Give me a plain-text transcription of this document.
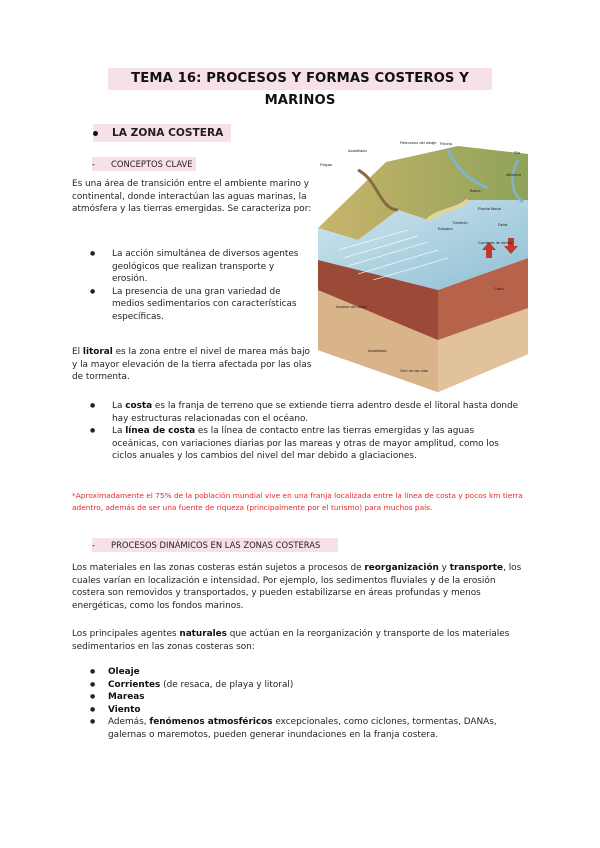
TEMA 16: PROCESOS Y FORMAS COSTEROS Y MARINOS
LA ZONA COSTERA
- CONCEPTOS CLAVE

Es una área de transición entre el ambiente marino y continental, donde interactúan las aguas marinas, la atmósfera y las tierras emergidas. Se caracteriza por:

● La acción simultánea de diversos agentes geológicos que realizan transporte y erosión.
● La presencia de una gran variedad de medios sedimentarios con características específicas.

El litoral es la zona entre el nivel de marea más bajo y la mayor elevación de la tierra afectada por las olas de tormenta.

● La costa es la franja de terreno que se extiende tierra adentro desde el litoral hasta donde hay estructuras relacionadas con el océano.
● La línea de costa es la línea de contacto entre las tierras emergidas y las aguas oceánicas, con variaciones diarias por las mareas y otras de mayor amplitud, como los ciclos anuales y los cambios del nivel del mar debido a glaciaciones.

*Aproximadamente el 75% de la población mundial vive en una franja localizada entre la línea de costa y pocos km tierra adentro, además de ser una fuente de riqueza (principalmente por el turismo) para muchos país.

Playas
Acantilado
Retroceso del oleaje Flecha
Río
Albufera
Bahía
Estuario
Tómbolo
Flecha litoral
Delta
Corriente de deriva
Avance del oleaje
Acantilado
Giro de las olas
Cabo
- PROCESOS DINÁMICOS EN LAS ZONAS COSTERAS

Los materiales en las zonas costeras están sujetos a procesos de reorganización y transporte, los cuales varían en localización e intensidad. Por ejemplo, los sedimentos fluviales y de la erosión costera son removidos y transportados, y pueden estabilizarse en áreas profundas y menos energéticas, como los fondos marinos.

Los principales agentes naturales que actúan en la reorganización y transporte de los materiales sedimentarios en las zonas costeras son:

● Oleaje
● Corrientes (de resaca, de playa y litoral)
● Mareas
● Viento
● Además, fenómenos atmosféricos excepcionales, como ciclones, tormentas, DANAs, galernas o maremotos, pueden generar inundaciones en la franja costera.
